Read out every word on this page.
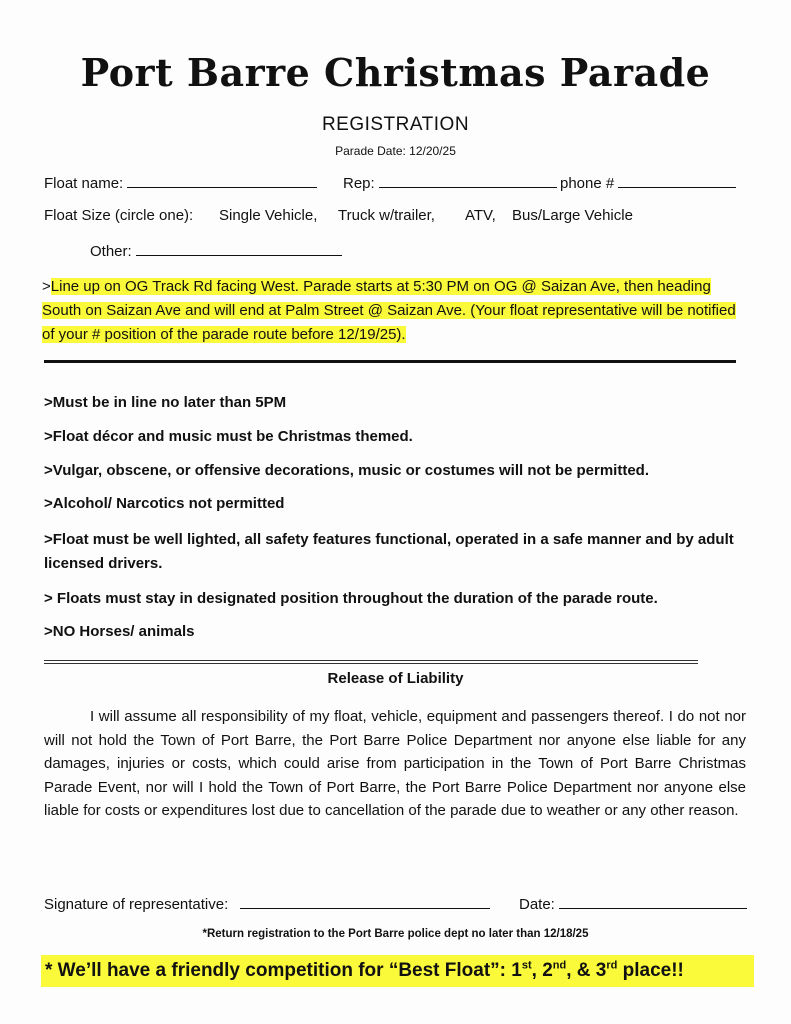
Port Barre Christmas Parade
REGISTRATION
Parade Date: 12/20/25
Float name:	Rep:	phone #
Float Size (circle one): Single Vehicle, Truck w/trailer, ATV, Bus/Large Vehicle
Other:
>Line up on OG Track Rd facing West. Parade starts at 5:30 PM on OG @ Saizan Ave, then heading South on Saizan Ave and will end at Palm Street @ Saizan Ave. (Your float representative will be notified of your # position of the parade route before 12/19/25).
>Must be in line no later than 5PM
>Float décor and music must be Christmas themed.
>Vulgar, obscene, or offensive decorations, music or costumes will not be permitted.
>Alcohol/ Narcotics not permitted
>Float must be well lighted, all safety features functional, operated in a safe manner and by adult licensed drivers.
> Floats must stay in designated position throughout the duration of the parade route.
>NO Horses/ animals
Release of Liability
I will assume all responsibility of my float, vehicle, equipment and passengers thereof. I do not nor will not hold the Town of Port Barre, the Port Barre Police Department nor anyone else liable for any damages, injuries or costs, which could arise from participation in the Town of Port Barre Christmas Parade Event, nor will I hold the Town of Port Barre, the Port Barre Police Department nor anyone else liable for costs or expenditures lost due to cancellation of the parade due to weather or any other reason.
Signature of representative:	Date:
*Return registration to the Port Barre police dept no later than 12/18/25
* We’ll have a friendly competition for “Best Float”: 1st, 2nd, & 3rd place!!
